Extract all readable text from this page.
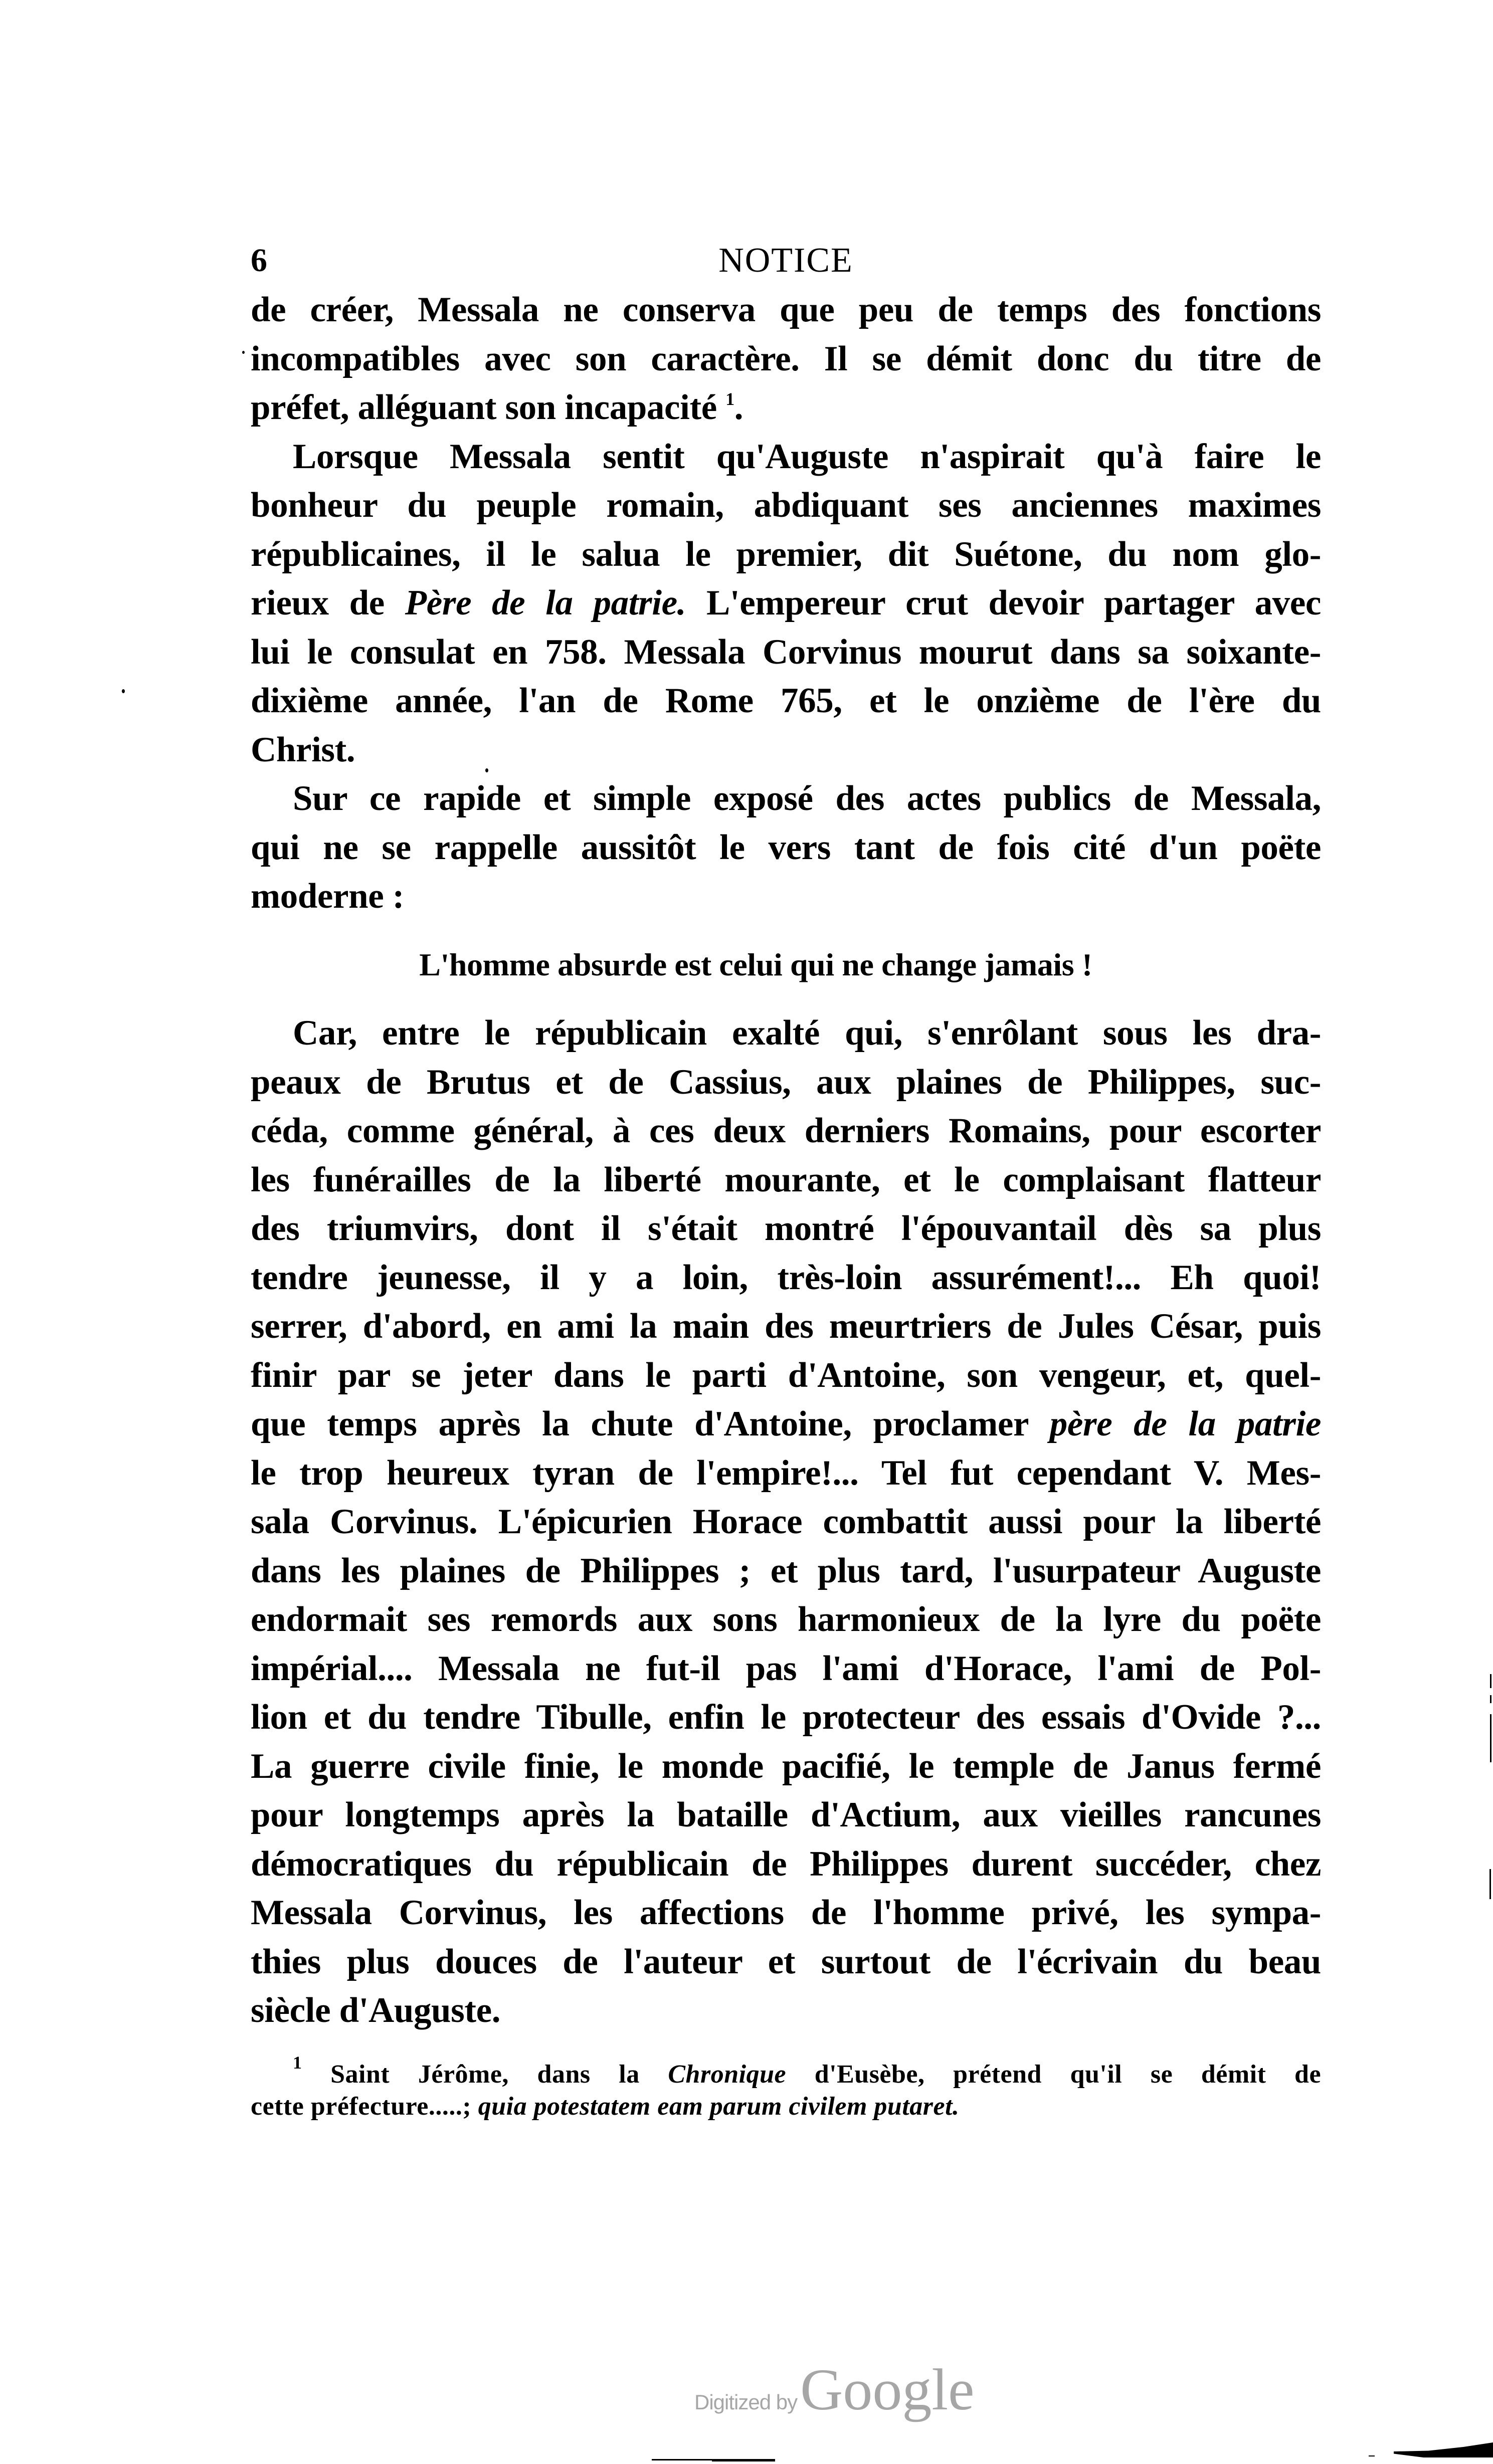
6	NOTICE
de créer, Messala ne conserva que peu de temps des fonctions
incompatibles avec son caractère. Il se démit donc du titre de
préfet, alléguant son incapacité $^1$.
Lorsque Messala sentit qu'Auguste n'aspirait qu'à faire le
bonheur du peuple romain, abdiquant ses anciennes maximes
républicaines, il le salua le premier, dit Suétone, du nom glo-
rieux de Père de la patrie. L'empereur crut devoir partager avec
lui le consulat en 758. Messala Corvinus mourut dans sa soixante-
dixième année, l'an de Rome 765, et le onzième de l'ère du
Christ.
Sur ce rapide et simple exposé des actes publics de Messala,
qui ne se rappelle aussitôt le vers tant de fois cité d'un poëte
moderne :
L'homme absurde est celui qui ne change jamais !
Car, entre le républicain exalté qui, s'enrôlant sous les dra-
peaux de Brutus et de Cassius, aux plaines de Philippes, suc-
céda, comme général, à ces deux derniers Romains, pour escorter
les funérailles de la liberté mourante, et le complaisant flatteur
des triumvirs, dont il s'était montré l'épouvantail dès sa plus
tendre jeunesse, il y a loin, très-loin assurément!... Eh quoi!
serrer, d'abord, en ami la main des meurtriers de Jules César, puis
finir par se jeter dans le parti d'Antoine, son vengeur, et, quel-
que temps après la chute d'Antoine, proclamer père de la patrie
le trop heureux tyran de l'empire!... Tel fut cependant V. Mes-
sala Corvinus. L'épicurien Horace combattit aussi pour la liberté
dans les plaines de Philippes ; et plus tard, l'usurpateur Auguste
endormait ses remords aux sons harmonieux de la lyre du poëte
impérial.... Messala ne fut-il pas l'ami d'Horace, l'ami de Pol-
lion et du tendre Tibulle, enfin le protecteur des essais d'Ovide ?...
La guerre civile finie, le monde pacifié, le temple de Janus fermé
pour longtemps après la bataille d'Actium, aux vieilles rancunes
démocratiques du républicain de Philippes durent succéder, chez
Messala Corvinus, les affections de l'homme privé, les sympa-
thies plus douces de l'auteur et surtout de l'écrivain du beau
siècle d'Auguste.
$^1$ Saint Jérôme, dans la Chronique d'Eusèbe, prétend qu'il se démit de
cette préfecture.....; quia potestatem eam parum civilem putaret.
Digitized byGoogle
